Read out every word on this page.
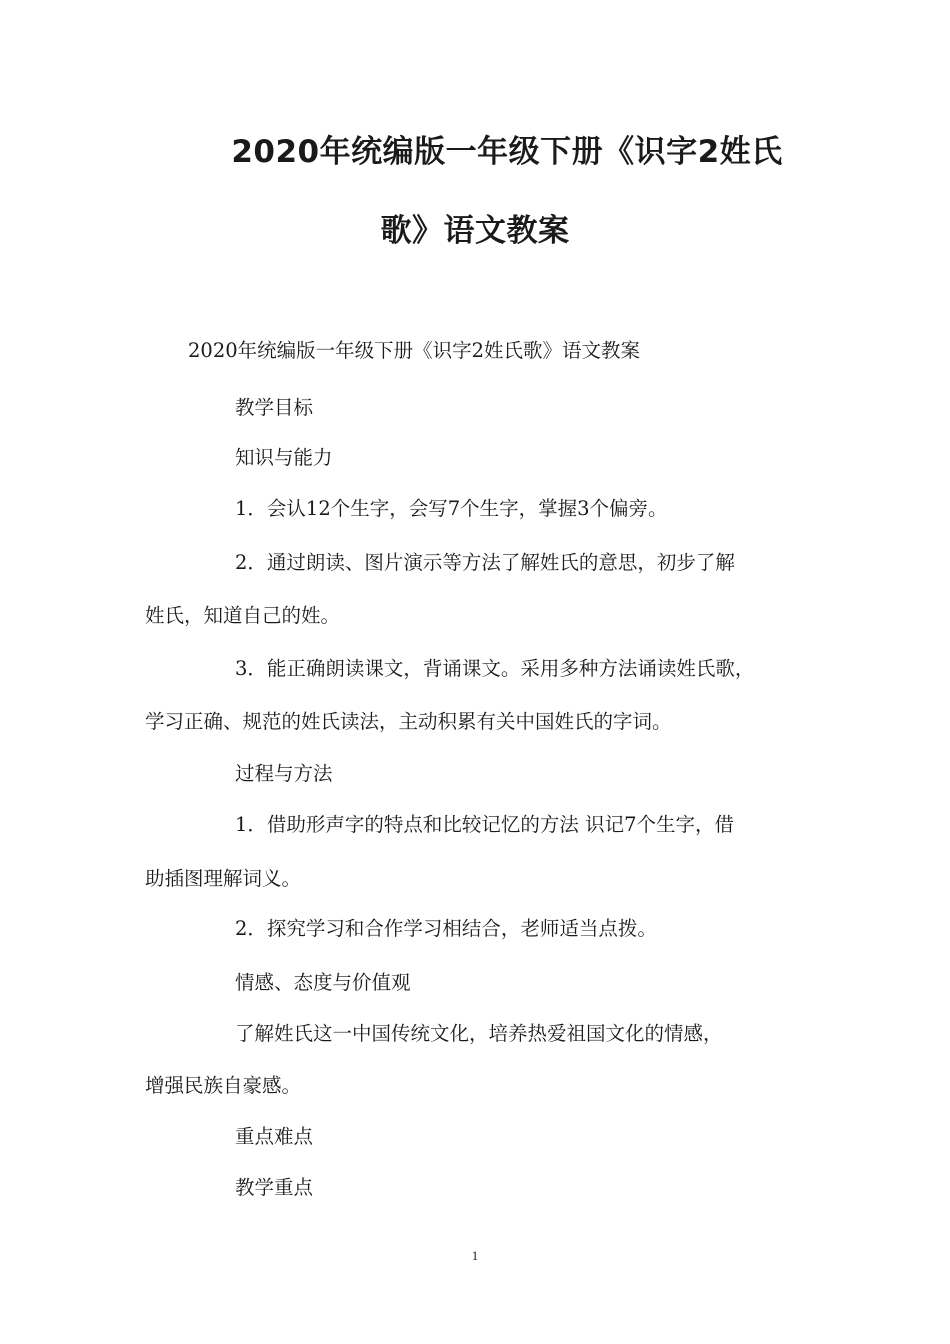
2020年统编版一年级下册《识字2姓氏
歌》语文教案
2020年统编版一年级下册《识字2姓氏歌》语文教案
教学目标
知识与能力
1．会认12个生字，会写7个生字，掌握3个偏旁。
2．通过朗读、图片演示等方法了解姓氏的意思，初步了解
姓氏，知道自己的姓。
3．能正确朗读课文，背诵课文。采用多种方法诵读姓氏歌，
学习正确、规范的姓氏读法，主动积累有关中国姓氏的字词。
过程与方法
1．借助形声字的特点和比较记忆的方法 识记7个生字，借
助插图理解词义。
2．探究学习和合作学习相结合，老师适当点拨。
情感、态度与价值观
了解姓氏这一中国传统文化，培养热爱祖国文化的情感，
增强民族自豪感。
重点难点
教学重点
1
